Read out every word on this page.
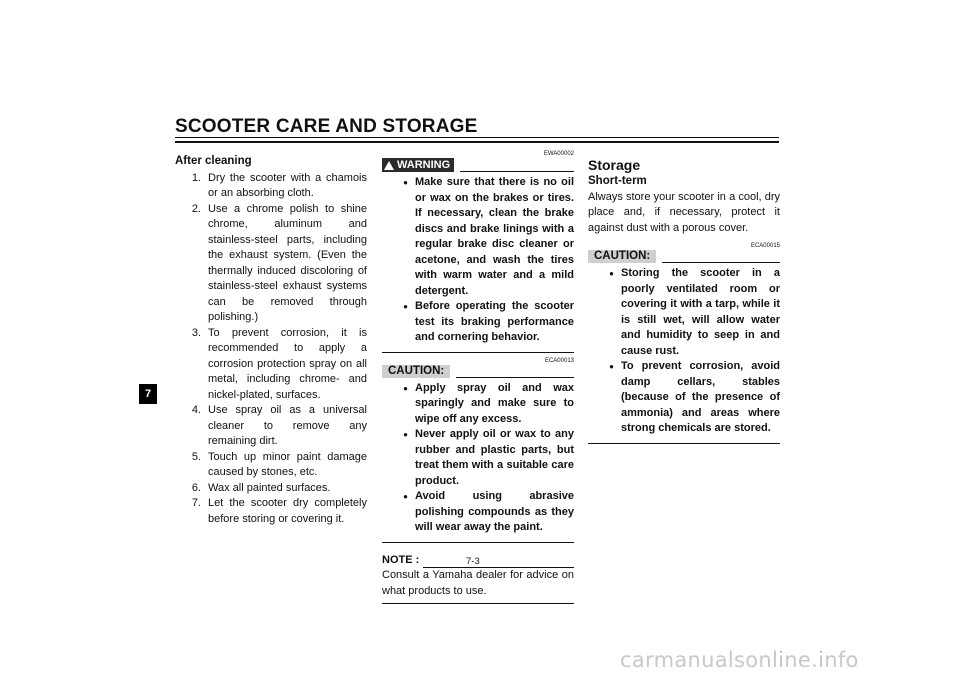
SCOOTER CARE AND STORAGE
7
After cleaning
1. Dry the scooter with a chamois or an absorbing cloth.
2. Use a chrome polish to shine chrome, aluminum and stainless-steel parts, including the exhaust system. (Even the thermally induced discoloring of stainless-steel exhaust systems can be removed through polishing.)
3. To prevent corrosion, it is recommended to apply a corrosion protection spray on all metal, including chrome- and nickel-plated, surfaces.
4. Use spray oil as a universal cleaner to remove any remaining dirt.
5. Touch up minor paint damage caused by stones, etc.
6. Wax all painted surfaces.
7. Let the scooter dry completely before storing or covering it.
EWA00002
WARNING
● Make sure that there is no oil or wax on the brakes or tires. If necessary, clean the brake discs and brake linings with a regular brake disc cleaner or acetone, and wash the tires with warm water and a mild detergent.
● Before operating the scooter test its braking performance and cornering behavior.
ECA00013
CAUTION:
● Apply spray oil and wax sparingly and make sure to wipe off any excess.
● Never apply oil or wax to any rubber and plastic parts, but treat them with a suitable care product.
● Avoid using abrasive polishing compounds as they will wear away the paint.
NOTE :
Consult a Yamaha dealer for advice on what products to use.
Storage
Short-term
Always store your scooter in a cool, dry place and, if necessary, protect it against dust with a porous cover.
ECA00015
CAUTION:
● Storing the scooter in a poorly ventilated room or covering it with a tarp, while it is still wet, will allow water and humidity to seep in and cause rust.
● To prevent corrosion, avoid damp cellars, stables (because of the presence of ammonia) and areas where strong chemicals are stored.
7-3
carmanualsonline.info
